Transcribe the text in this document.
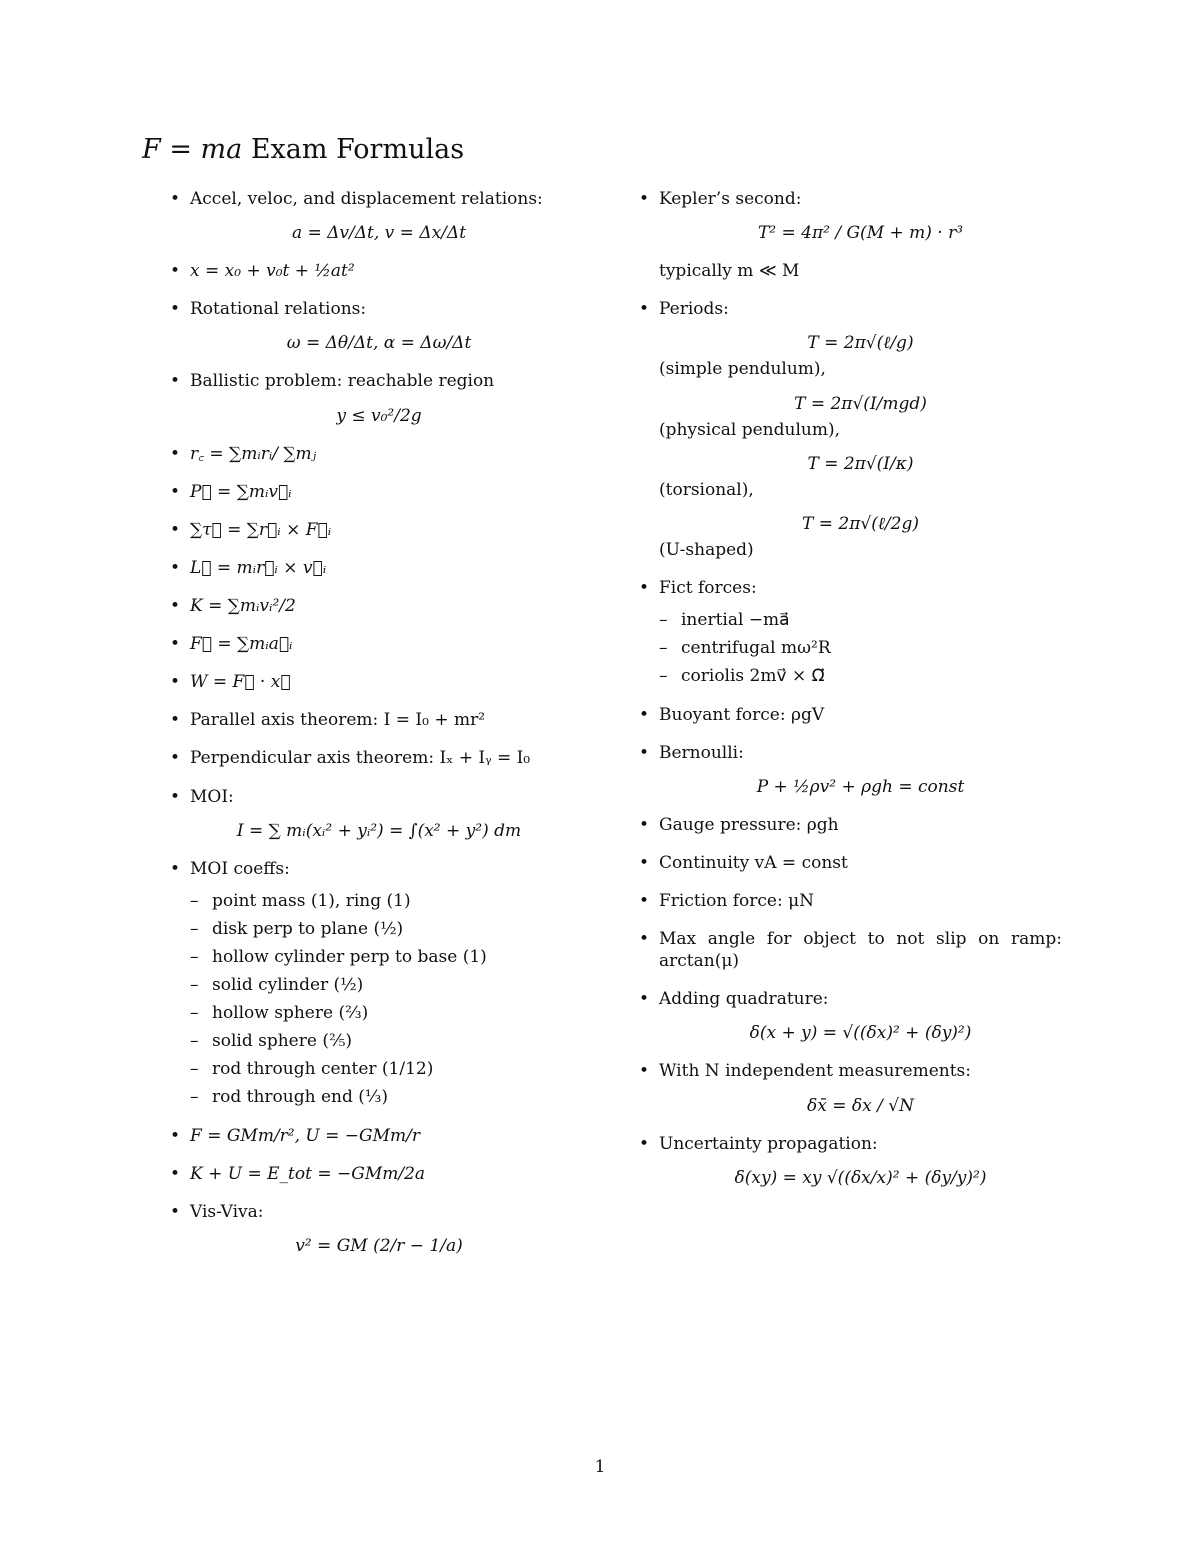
F = ma Exam Formulas
• Accel, veloc, and displacement relations:
a = Δv/Δt, v = Δx/Δt
• x = x₀ + v₀t + ½at²
• Rotational relations:
ω = Δθ/Δt, α = Δω/Δt
• Ballistic problem: reachable region
y ≤ v₀²/2g
• r꜀ = ∑mᵢrᵢ/ ∑mⱼ
• P⃗ = ∑mᵢv⃗ᵢ
• ∑τ⃗ = ∑r⃗ᵢ × F⃗ᵢ
• L⃗ = mᵢr⃗ᵢ × v⃗ᵢ
• K = ∑mᵢvᵢ²/2
• F⃗ = ∑mᵢa⃗ᵢ
• W = F⃗ · x⃗
• Parallel axis theorem: I = I₀ + mr²
• Perpendicular axis theorem: Iₓ + Iᵧ = I₀
• MOI:
I = ∑ mᵢ(xᵢ² + yᵢ²) = ∫(x² + y²) dm
• MOI coeffs:
– point mass (1), ring (1)
– disk perp to plane (½)
– hollow cylinder perp to base (1)
– solid cylinder (½)
– hollow sphere (⅔)
– solid sphere (⅖)
– rod through center (1/12)
– rod through end (⅓)
• F = GMm/r², U = −GMm/r
• K + U = E_tot = −GMm/2a
• Vis-Viva:
v² = GM (2/r − 1/a)
• Kepler’s second:
T² = 4π² / G(M + m) · r³
typically m ≪ M
• Periods:
T = 2π√(ℓ/g)
(simple pendulum),
T = 2π√(I/mgd)
(physical pendulum),
T = 2π√(I/κ)
(torsional),
T = 2π√(ℓ/2g)
(U-shaped)
• Fict forces:
– inertial −ma⃗
– centrifugal mω²R
– coriolis 2mv⃗ × Ω⃗
• Buoyant force: ρgV
• Bernoulli:
P + ½ρv² + ρgh = const
• Gauge pressure: ρgh
• Continuity vA = const
• Friction force: μN
• Max angle for object to not slip on ramp: arctan(μ)
• Adding quadrature:
δ(x + y) = √((δx)² + (δy)²)
• With N independent measurements:
δx̄ = δx / √N
• Uncertainty propagation:
δ(xy) = xy √((δx/x)² + (δy/y)²)
1
